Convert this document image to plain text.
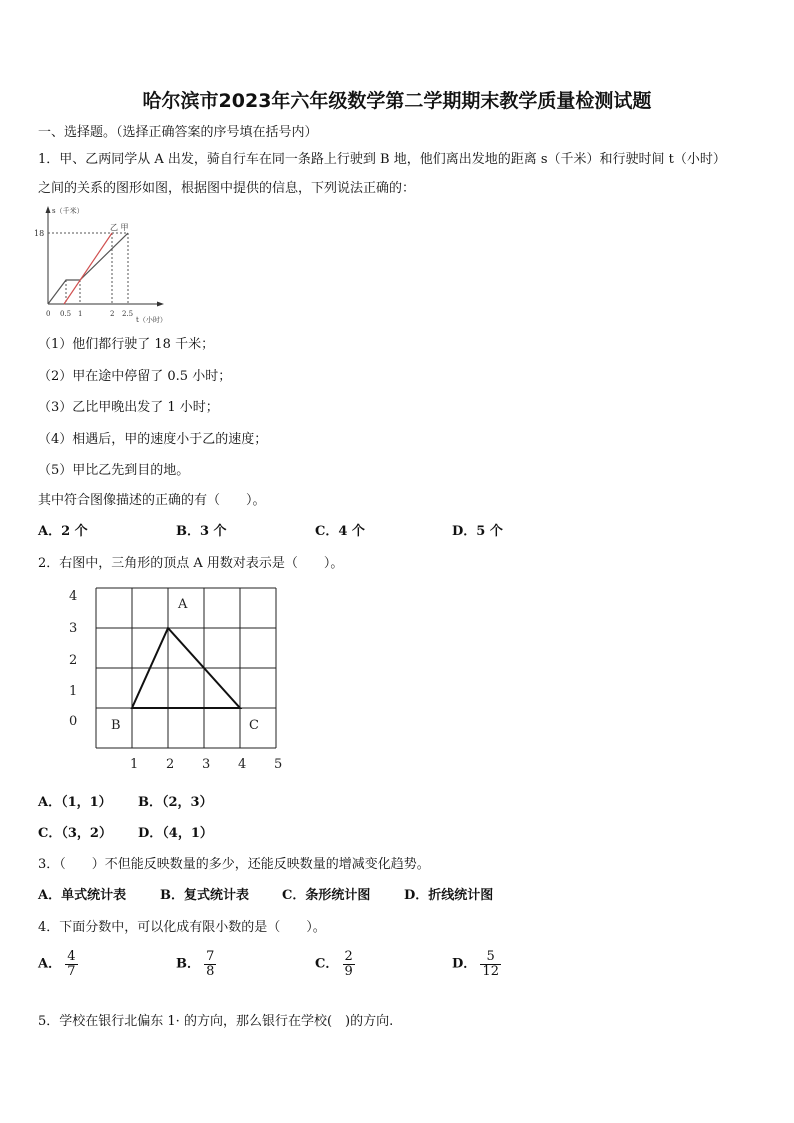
哈尔滨市2023年六年级数学第二学期期末教学质量检测试题
一、选择题。（选择正确答案的序号填在括号内）
1．甲、乙两同学从 A 出发，骑自行车在同一条路上行驶到 B 地，他们离出发地的距离 s（千米）和行驶时间 t（小时）
之间的关系的图形如图，根据图中提供的信息，下列说法正确的：
s（千米）
t（小时）
18
0 0.5 1	2 2.5
乙 甲
（1）他们都行驶了 18 千米；
（2）甲在途中停留了 0.5 小时；
（3）乙比甲晚出发了 1 小时；
（4）相遇后，甲的速度小于乙的速度；
（5）甲比乙先到目的地。
其中符合图像描述的正确的有（　　）。
A．2 个	B．3 个	C．4 个	D．5 个
2．右图中，三角形的顶点 A 用数对表示是（　　）。
4
3
2
1
0
1 2 3 4 5
A
B	C
A．（1，1） B．（2，3）
C．（3，2） D．（4，1）
3．（　　）不但能反映数量的多少，还能反映数量的增减变化趋势。
A．单式统计表	B．复式统计表	C．条形统计图	D．折线统计图
4．下面分数中，可以化成有限小数的是（　　）。
A． $\frac{4}{7}$	B． $\frac{7}{8}$	C． $\frac{2}{9}$	D． $\frac{5}{12}$
5．学校在银行北偏东 1· 的方向，那么银行在学校(　)的方向.
